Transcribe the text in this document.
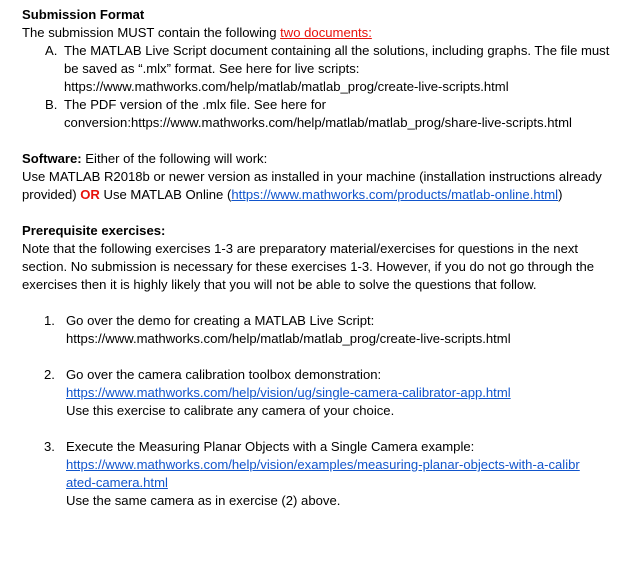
Submission Format

The submission MUST contain the following two documents:

A. The MATLAB Live Script document containing all the solutions, including graphs. The file must be saved as “.mlx” format. See here for live scripts: https://www.mathworks.com/help/matlab/matlab_prog/create-live-scripts.html

B. The PDF version of the .mlx file. See here for conversion:https://www.mathworks.com/help/matlab/matlab_prog/share-live-scripts.html

Software: Either of the following will work:

Use MATLAB R2018b or newer version as installed in your machine (installation instructions already provided) OR Use MATLAB Online (https://www.mathworks.com/products/matlab-online.html)

Prerequisite exercises:

Note that the following exercises 1-3 are preparatory material/exercises for questions in the next section. No submission is necessary for these exercises 1-3. However, if you do not go through the exercises then it is highly likely that you will not be able to solve the questions that follow.

1. Go over the demo for creating a MATLAB Live Script:

https://www.mathworks.com/help/matlab/matlab_prog/create-live-scripts.html

2. Go over the camera calibration toolbox demonstration:

https://www.mathworks.com/help/vision/ug/single-camera-calibrator-app.html

Use this exercise to calibrate any camera of your choice.

3. Execute the Measuring Planar Objects with a Single Camera example:

https://www.mathworks.com/help/vision/examples/measuring-planar-objects-with-a-calibr

ated-camera.html

Use the same camera as in exercise (2) above.
